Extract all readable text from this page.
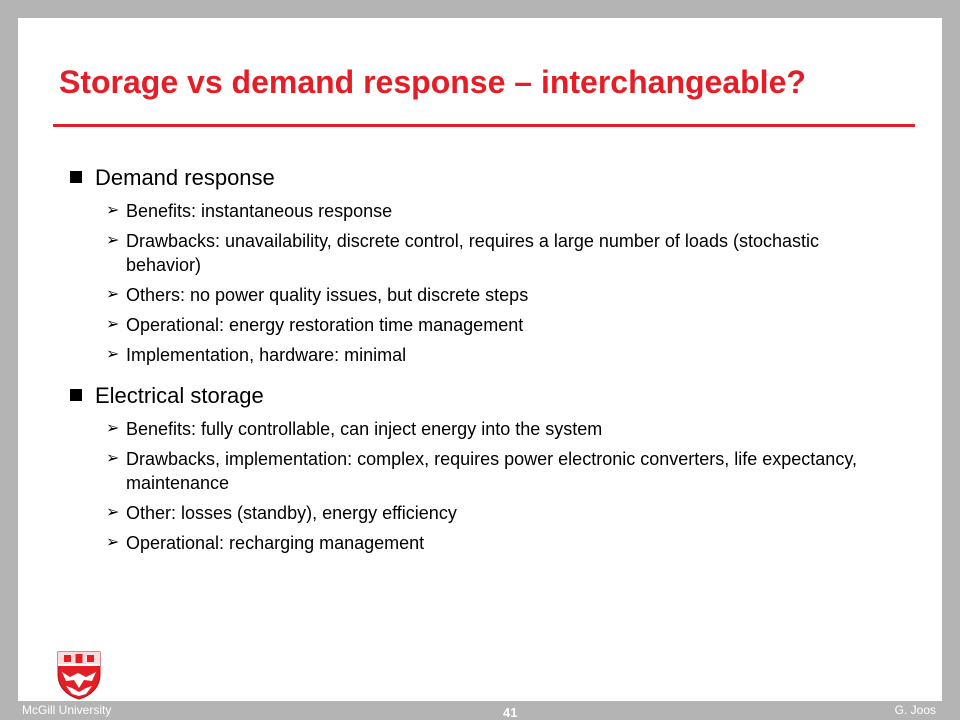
Storage vs demand response – interchangeable?
Demand response
➢ Benefits: instantaneous response
➢ Drawbacks: unavailability, discrete control, requires a large number of loads (stochastic behavior)
➢ Others: no power quality issues, but discrete steps
➢ Operational: energy restoration time management
➢ Implementation, hardware: minimal
Electrical storage
➢ Benefits: fully controllable, can inject energy into the system
➢ Drawbacks, implementation: complex, requires power electronic converters, life expectancy, maintenance
➢ Other: losses (standby), energy efficiency
➢ Operational: recharging management
McGill University	41	G. Joos
